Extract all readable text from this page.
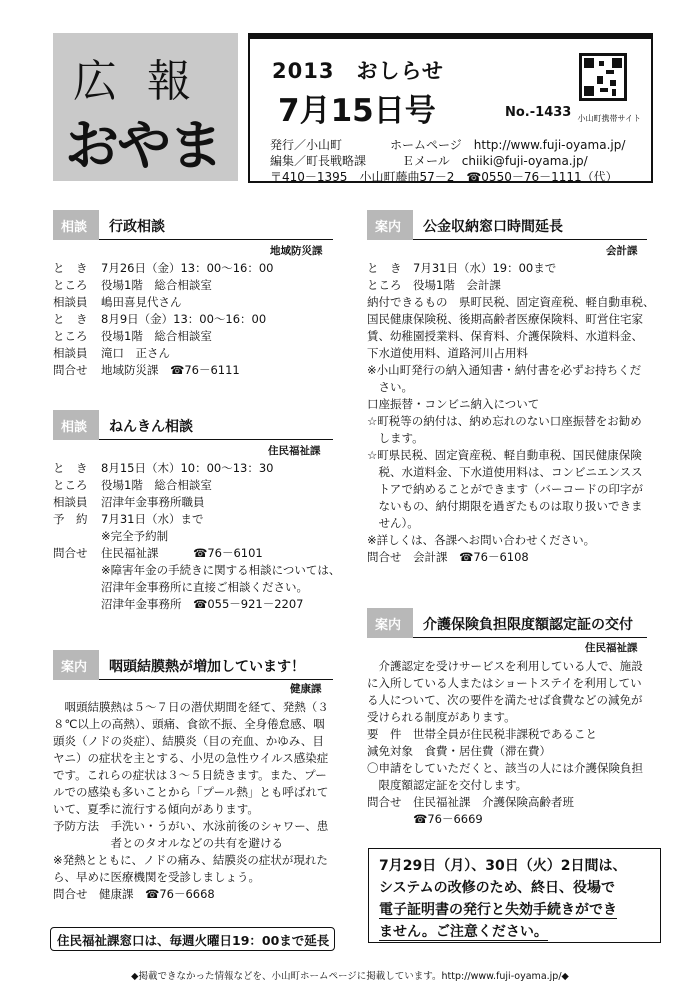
広報
おやま
2013　おしらせ
7月15日号	No.-1433 小山町携帯サイト
発行／小山町　　　　ホームページ　http://www.fuji-oyama.jp/
編集／町長戦略課　　　Ｅメール　chiiki@fuji-oyama.jp/
〒410－1395　小山町藤曲57－2　☎0550－76－1111（代）
相談	行政相談
地域防災課
と　き 7月26日（金）13：00～16：00
ところ 役場1階　総合相談室
相談員 嶋田喜見代さん
と　き 8月9日（金）13：00～16：00
ところ 役場1階　総合相談室
相談員 滝口　正さん
問合せ 地域防災課　☎76－6111
相談	ねんきん相談
住民福祉課
と　き 8月15日（木）10：00～13：30
ところ 役場1階　総合相談室
相談員 沼津年金事務所職員
予　約 7月31日（水）まで
※完全予約制
問合せ 住民福祉課　　　☎76－6101
※障害年金の手続きに関する相談については、
沼津年金事務所に直接ご相談ください。
沼津年金事務所　☎055－921－2207
案内	咽頭結膜熱が増加しています！
健康課
　咽頭結膜熱は５～７日の潜伏期間を経て、発熱（３
８℃以上の高熱）、頭痛、食欲不振、全身倦怠感、咽
頭炎（ノドの炎症）、結膜炎（目の充血、かゆみ、目
ヤニ）の症状を主とする、小児の急性ウイルス感染症
です。これらの症状は３～５日続きます。また、プー
ルでの感染も多いことから「プール熱」とも呼ばれて
いて、夏季に流行する傾向があります。
予防方法　手洗い・うがい、水泳前後のシャワー、患
　　　　　者とのタオルなどの共有を避ける
※発熱とともに、ノドの痛み、結膜炎の症状が現れた
ら、早めに医療機関を受診しましょう。
問合せ　健康課　☎76－6668
住民福祉課窓口は、毎週火曜日19：00まで延長
案内	公金収納窓口時間延長
会計課
と　き　7月31日（水）19：00まで
ところ　役場1階　会計課
納付できるもの　県町民税、固定資産税、軽自動車税、
国民健康保険税、後期高齢者医療保険料、町営住宅家
賃、幼稚園授業料、保育料、介護保険料、水道料金、
下水道使用料、道路河川占用料
※小山町発行の納入通知書・納付書を必ずお持ちくだ
　さい。
口座振替・コンビニ納入について
☆町税等の納付は、納め忘れのない口座振替をお勧め
　します。
☆町県民税、固定資産税、軽自動車税、国民健康保険
　税、水道料金、下水道使用料は、コンビニエンスス
　トアで納めることができます（バーコードの印字が
　ないもの、納付期限を過ぎたものは取り扱いできま
　せん）。
※詳しくは、各課へお問い合わせください。
問合せ　会計課　☎76－6108
案内	介護保険負担限度額認定証の交付
住民福祉課
　介護認定を受けサービスを利用している人で、施設
に入所している人またはショートステイを利用してい
る人について、次の要件を満たせば食費などの減免が
受けられる制度があります。
要　件　世帯全員が住民税非課税であること
減免対象　食費・居住費（滞在費）
〇申請をしていただくと、該当の人には介護保険負担
　限度額認定証を交付します。
問合せ　住民福祉課　介護保険高齢者班
　　　　☎76－6669
7月29日（月）、30日（火）2日間は、
システムの改修のため、終日、役場で
電子証明書の発行と失効手続きができ
ません。ご注意ください。
◆掲載できなかった情報などを、小山町ホームページに掲載しています。http://www.fuji-oyama.jp/◆
